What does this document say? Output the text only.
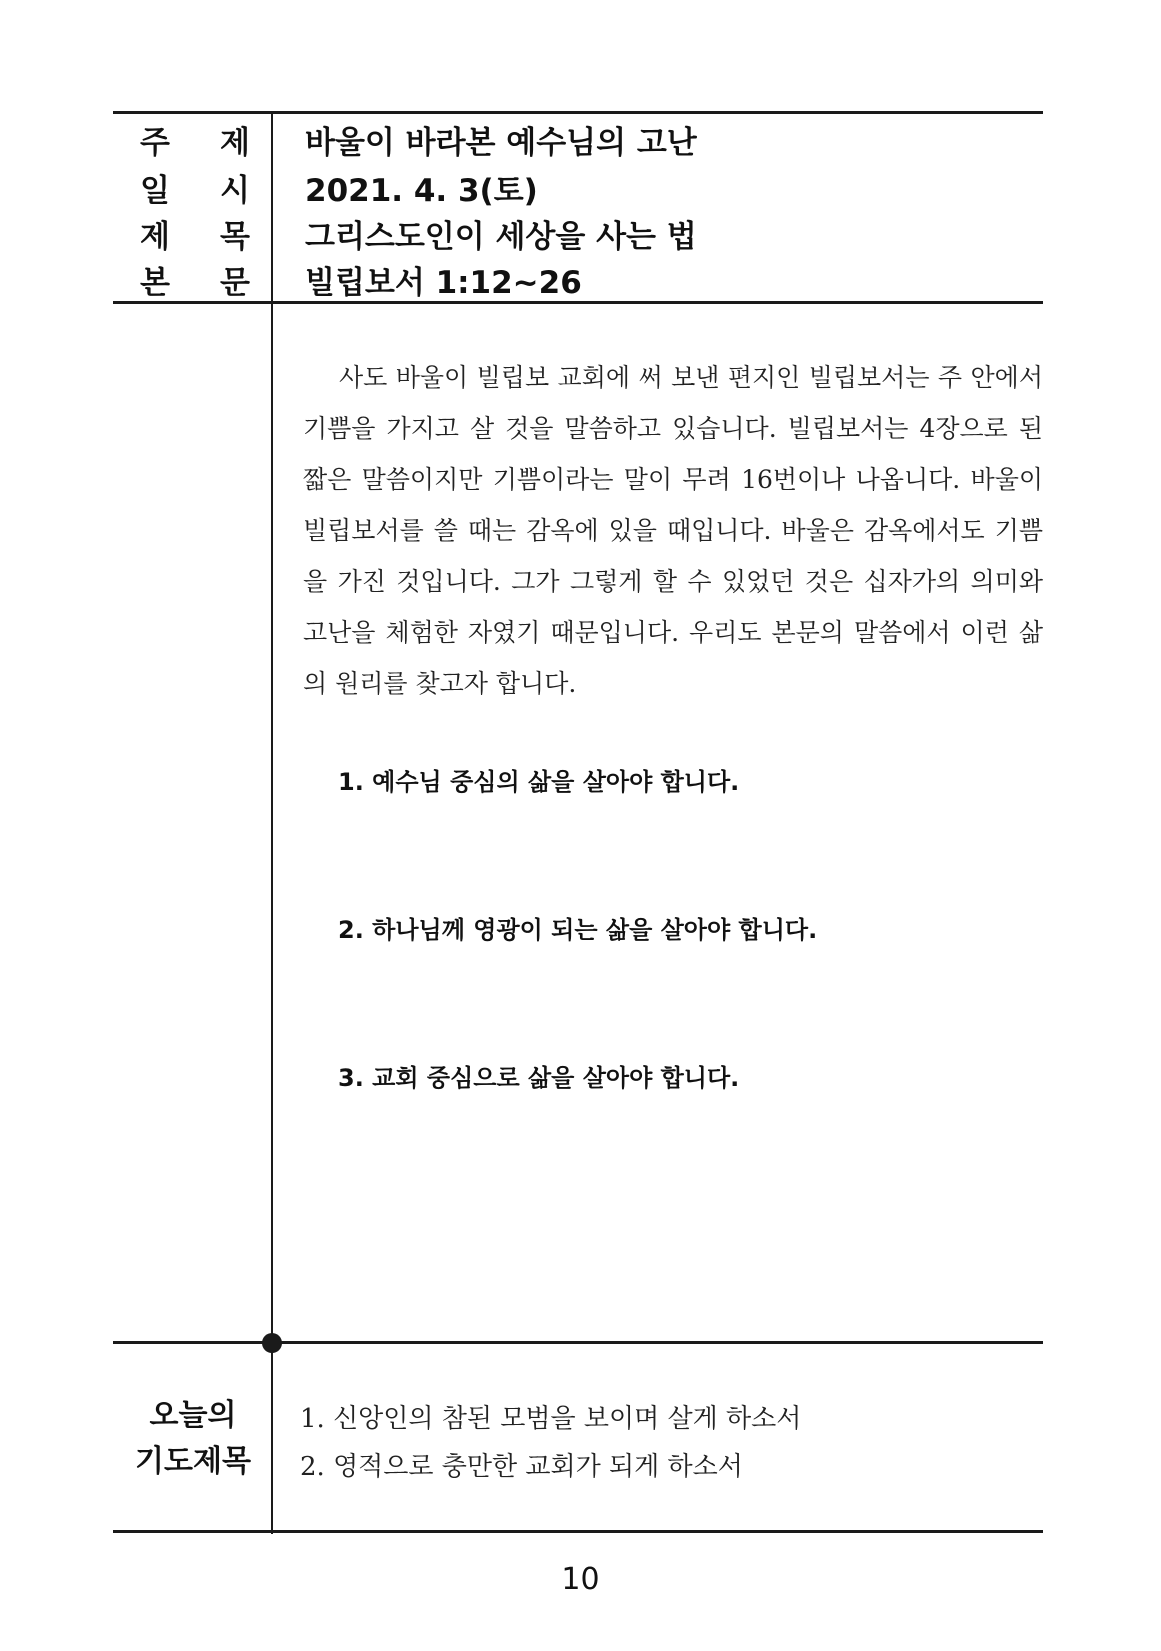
주 제 바울이 바라본 예수님의 고난
일 시 2021. 4. 3(토)
제 목 그리스도인이 세상을 사는 법
본 문 빌립보서 1:12~26
사도 바울이 빌립보 교회에 써 보낸 편지인 빌립보서는 주 안에서 기쁨을 가지고 살 것을 말씀하고 있습니다. 빌립보서는 4장으로 된 짧은 말씀이지만 기쁨이라는 말이 무려 16번이나 나옵니다. 바울이 빌립보서를 쓸 때는 감옥에 있을 때입니다. 바울은 감옥에서도 기쁨을 가진 것입니다. 그가 그렇게 할 수 있었던 것은 십자가의 의미와 고난을 체험한 자였기 때문입니다. 우리도 본문의 말씀에서 이런 삶의 원리를 찾고자 합니다.
1. 예수님 중심의 삶을 살아야 합니다.
2. 하나님께 영광이 되는 삶을 살아야 합니다.
3. 교회 중심으로 삶을 살아야 합니다.
오늘의
기도제목
1. 신앙인의 참된 모범을 보이며 살게 하소서
2. 영적으로 충만한 교회가 되게 하소서
10
